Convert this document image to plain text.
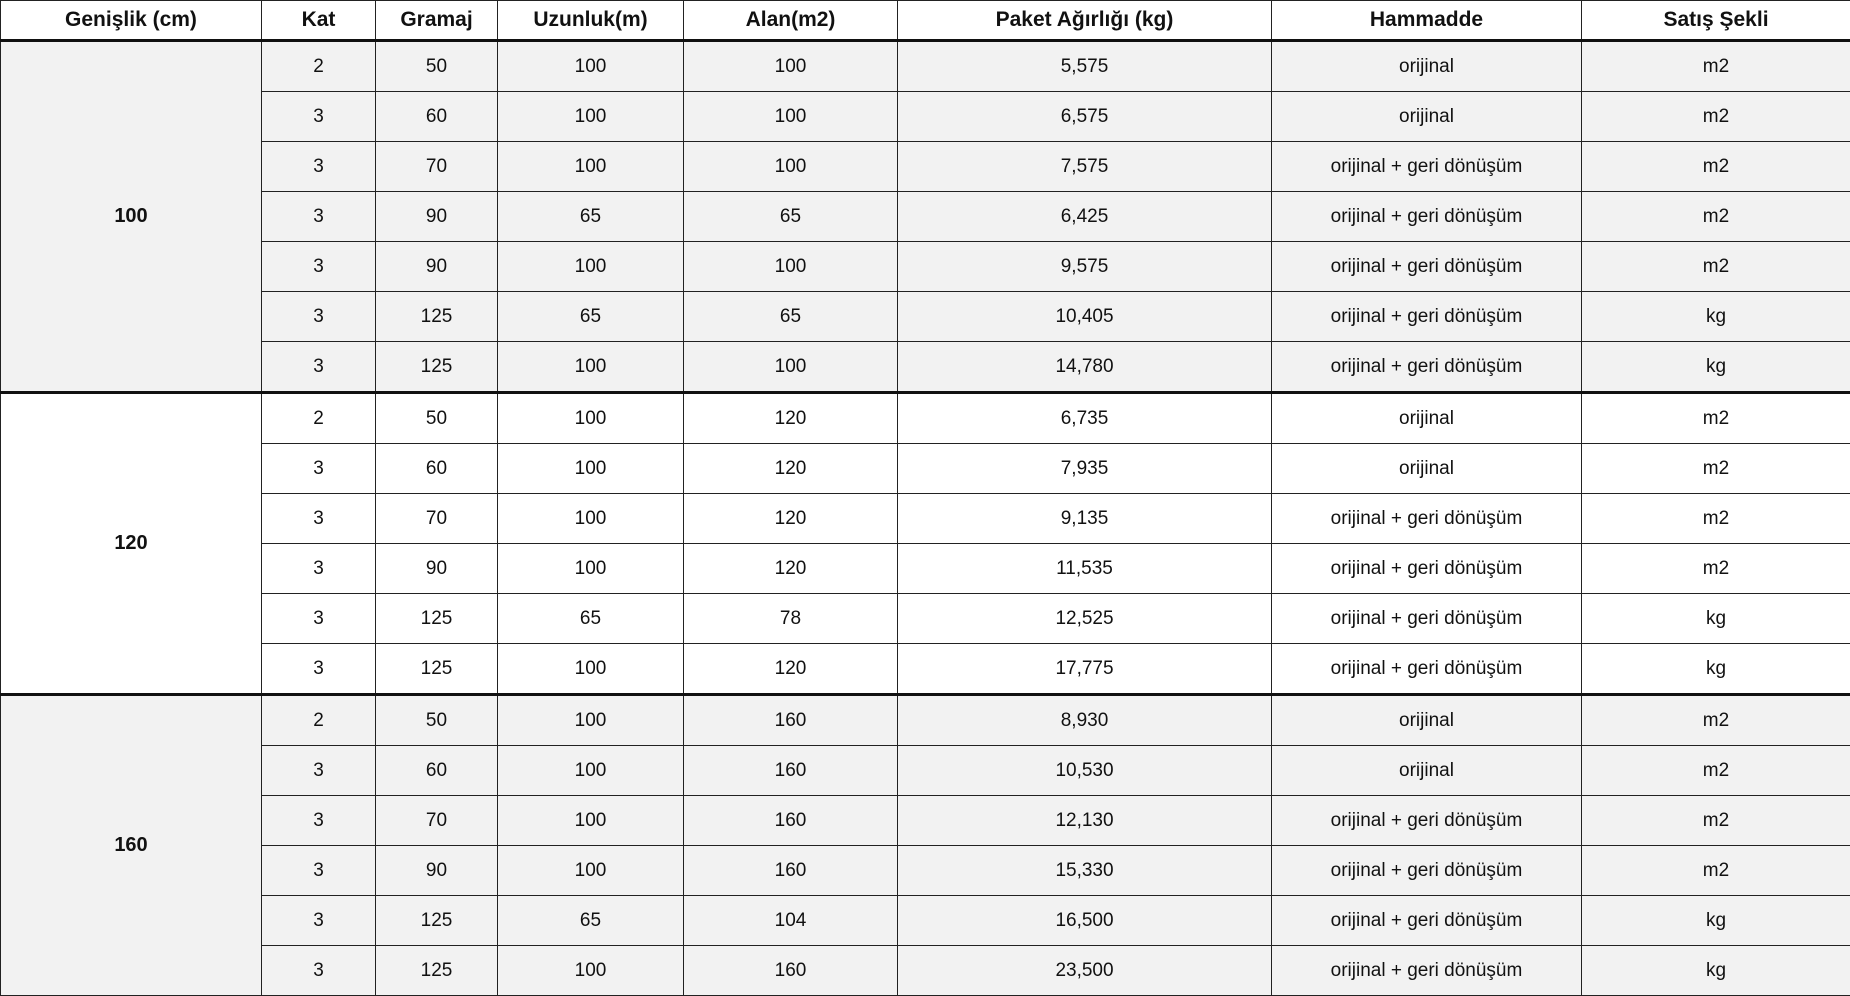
Genişlik (cm)	Kat	Gramaj	Uzunluk(m)	Alan(m2)	Paket Ağırlığı (kg)	Hammadde	Satış Şekli
100	2	50	100	100	5,575	orijinal	m2
	3	60	100	100	6,575	orijinal	m2
	3	70	100	100	7,575	orijinal + geri dönüşüm	m2
	3	90	65	65	6,425	orijinal + geri dönüşüm	m2
	3	90	100	100	9,575	orijinal + geri dönüşüm	m2
	3	125	65	65	10,405	orijinal + geri dönüşüm	kg
	3	125	100	100	14,780	orijinal + geri dönüşüm	kg
120	2	50	100	120	6,735	orijinal	m2
	3	60	100	120	7,935	orijinal	m2
	3	70	100	120	9,135	orijinal + geri dönüşüm	m2
	3	90	100	120	11,535	orijinal + geri dönüşüm	m2
	3	125	65	78	12,525	orijinal + geri dönüşüm	kg
	3	125	100	120	17,775	orijinal + geri dönüşüm	kg
160	2	50	100	160	8,930	orijinal	m2
	3	60	100	160	10,530	orijinal	m2
	3	70	100	160	12,130	orijinal + geri dönüşüm	m2
	3	90	100	160	15,330	orijinal + geri dönüşüm	m2
	3	125	65	104	16,500	orijinal + geri dönüşüm	kg
	3	125	100	160	23,500	orijinal + geri dönüşüm	kg
